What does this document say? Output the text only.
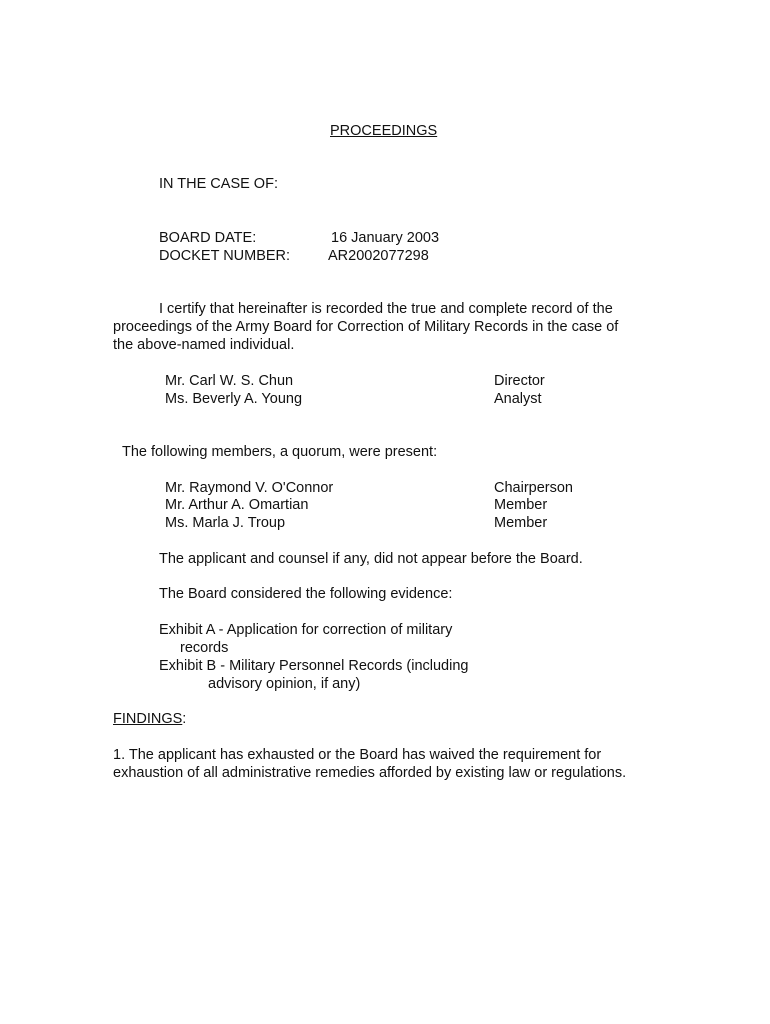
PROCEEDINGS
IN THE CASE OF:
BOARD DATE:	16 January 2003
DOCKET NUMBER:	AR2002077298
I certify that hereinafter is recorded the true and complete record of the
proceedings of the Army Board for Correction of Military Records in the case of
the above-named individual.
Mr. Carl W. S. Chun	Director
Ms. Beverly A. Young	Analyst
The following members, a quorum, were present:
Mr. Raymond V. O'Connor	Chairperson
Mr. Arthur A. Omartian	Member
Ms. Marla J. Troup	Member
The applicant and counsel if any, did not appear before the Board.
The Board considered the following evidence:
Exhibit A - Application for correction of military
records
Exhibit B - Military Personnel Records (including
advisory opinion, if any)
FINDINGS:
1. The applicant has exhausted or the Board has waived the requirement for
exhaustion of all administrative remedies afforded by existing law or regulations.
